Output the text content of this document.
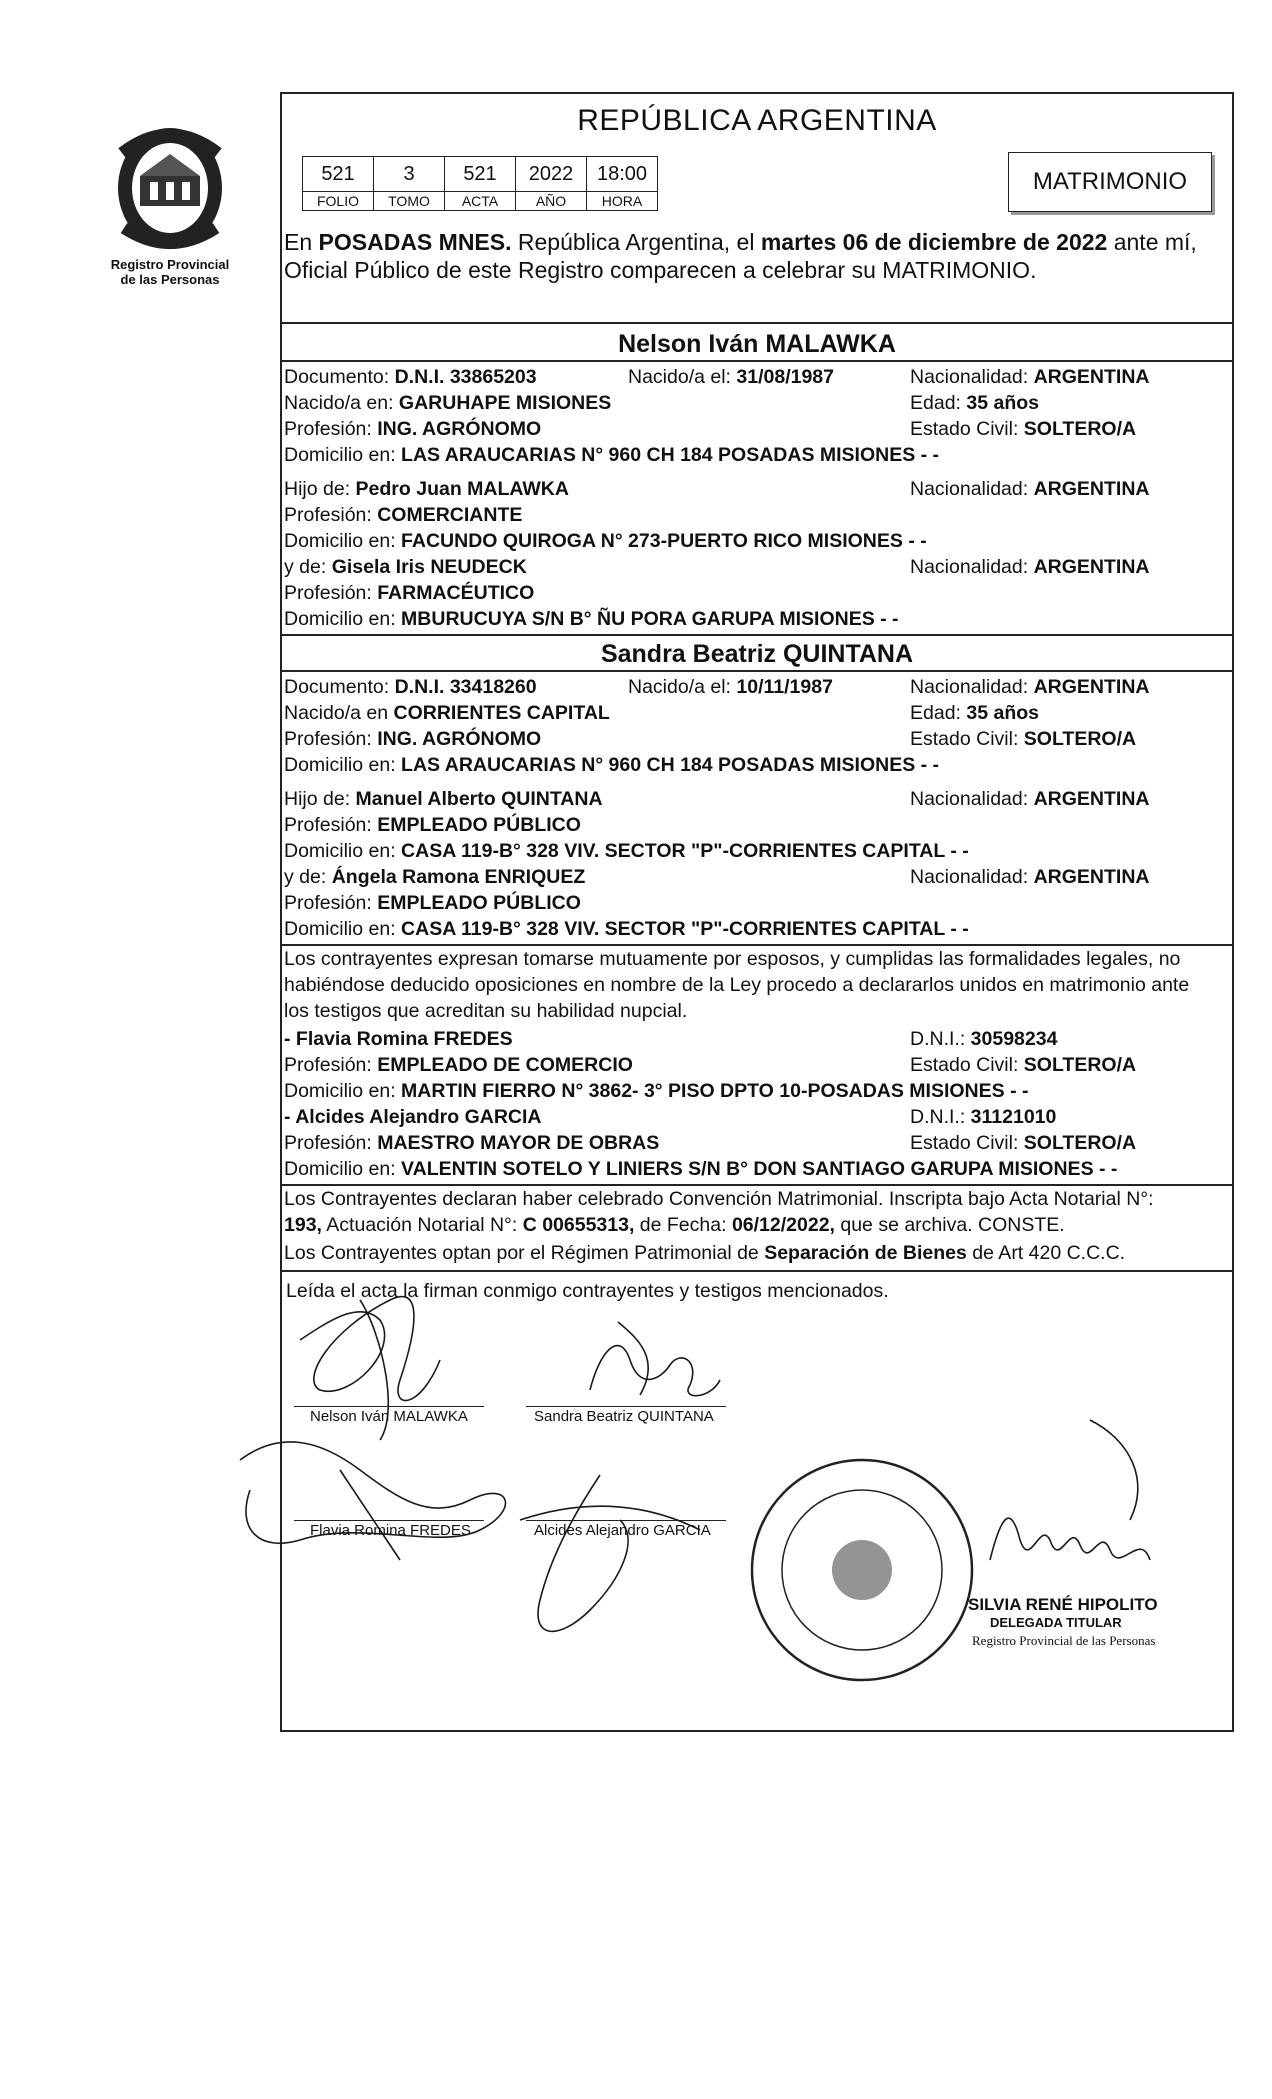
Registro Provincial
de las Personas
REPÚBLICA ARGENTINA
521	3	521	2022	18:00
FOLIO	TOMO	ACTA	AÑO	HORA
MATRIMONIO
En POSADAS MNES. República Argentina, el martes 06 de diciembre de 2022 ante mí,
Oficial Público de este Registro comparecen a celebrar su MATRIMONIO.
Nelson Iván MALAWKA
Documento: D.N.I. 33865203	Nacido/a el: 31/08/1987	Nacionalidad: ARGENTINA
Nacido/a en: GARUHAPE MISIONES	Edad: 35 años
Profesión: ING. AGRÓNOMO	Estado Civil: SOLTERO/A
Domicilio en: LAS ARAUCARIAS N° 960 CH 184 POSADAS MISIONES - -
Hijo de: Pedro Juan MALAWKA	Nacionalidad: ARGENTINA
Profesión: COMERCIANTE
Domicilio en: FACUNDO QUIROGA N° 273-PUERTO RICO MISIONES - -
y de: Gisela Iris NEUDECK	Nacionalidad: ARGENTINA
Profesión: FARMACÉUTICO
Domicilio en: MBURUCUYA S/N B° ÑU PORA GARUPA MISIONES - -
Sandra Beatriz QUINTANA
Documento: D.N.I. 33418260	Nacido/a el: 10/11/1987	Nacionalidad: ARGENTINA
Nacido/a en CORRIENTES CAPITAL	Edad: 35 años
Profesión: ING. AGRÓNOMO	Estado Civil: SOLTERO/A
Domicilio en: LAS ARAUCARIAS N° 960 CH 184 POSADAS MISIONES - -
Hijo de: Manuel Alberto QUINTANA	Nacionalidad: ARGENTINA
Profesión: EMPLEADO PÚBLICO
Domicilio en: CASA 119-B° 328 VIV. SECTOR "P"-CORRIENTES CAPITAL - -
y de: Ángela Ramona ENRIQUEZ	Nacionalidad: ARGENTINA
Profesión: EMPLEADO PÚBLICO
Domicilio en: CASA 119-B° 328 VIV. SECTOR "P"-CORRIENTES CAPITAL - -
Los contrayentes expresan tomarse mutuamente por esposos, y cumplidas las formalidades legales, no
habiéndose deducido oposiciones en nombre de la Ley procedo a declararlos unidos en matrimonio ante
los testigos que acreditan su habilidad nupcial.
- Flavia Romina FREDES	D.N.I.: 30598234
Profesión: EMPLEADO DE COMERCIO	Estado Civil: SOLTERO/A
Domicilio en: MARTIN FIERRO N° 3862- 3° PISO DPTO 10-POSADAS MISIONES - -
- Alcides Alejandro GARCIA	D.N.I.: 31121010
Profesión: MAESTRO MAYOR DE OBRAS	Estado Civil: SOLTERO/A
Domicilio en: VALENTIN SOTELO Y LINIERS S/N B° DON SANTIAGO GARUPA MISIONES - -
Los Contrayentes declaran haber celebrado Convención Matrimonial. Inscripta bajo Acta Notarial N°:
193, Actuación Notarial N°: C 00655313, de Fecha: 06/12/2022, que se archiva. CONSTE.
Los Contrayentes optan por el Régimen Patrimonial de Separación de Bienes de Art 420 C.C.C.
Leída el acta la firman conmigo contrayentes y testigos mencionados.
Nelson Iván MALAWKA	Sandra Beatriz QUINTANA
Flavia Romina FREDES	Alcides Alejandro GARCIA
SILVIA RENÉ HIPOLITO
DELEGADA TITULAR
Registro Provincial de las Personas
